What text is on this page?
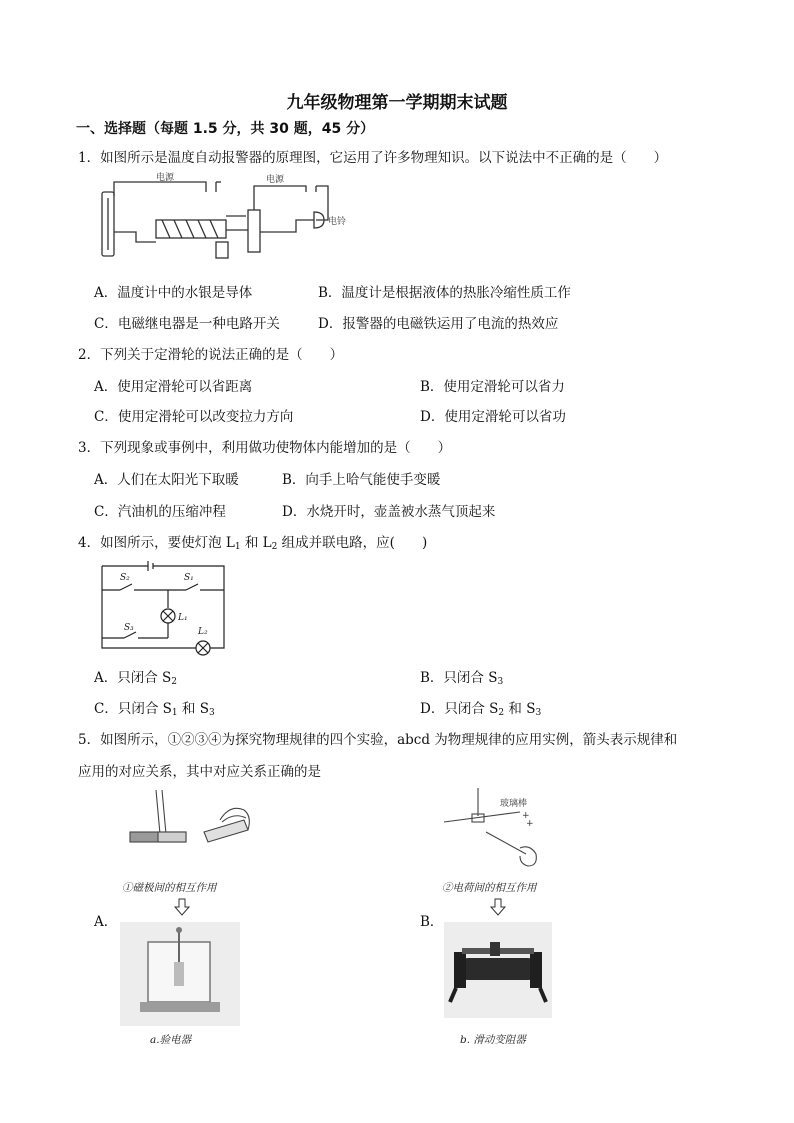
九年级物理第一学期期末试题
一、选择题（每题 1.5 分，共 30 题，45 分）
1．如图所示是温度自动报警器的原理图，它运用了许多物理知识。以下说法中不正确的是（　　）
电源	电源
电铃
A．温度计中的水银是导体	B．温度计是根据液体的热胀冷缩性质工作
C．电磁继电器是一种电路开关	D．报警器的电磁铁运用了电流的热效应
2．下列关于定滑轮的说法正确的是（　　）
A．使用定滑轮可以省距离	B．使用定滑轮可以省力
C．使用定滑轮可以改变拉力方向	D．使用定滑轮可以省功
3．下列现象或事例中，利用做功使物体内能增加的是（　　）
A．人们在太阳光下取暖	B．向手上哈气能使手变暖
C．汽油机的压缩冲程	D．水烧开时，壶盖被水蒸气顶起来
4．如图所示，要使灯泡 $L_1$ 和 $L_2$ 组成并联电路，应(　　)
S₂	S₁
S₃
L₁
L₂
A．只闭合 $S_2$	B．只闭合 $S_3$
C．只闭合 $S_1$ 和 $S_3$	D．只闭合 $S_2$ 和 $S_3$
5．如图所示，①②③④为探究物理规律的四个实验，abcd 为物理规律的应用实例，箭头表示规律和
应用的对应关系，其中对应关系正确的是
①磁极间的相互作用
玻璃棒
+
+
②电荷间的相互作用
A．	B．
a.验电器	b. 滑动变阻器
